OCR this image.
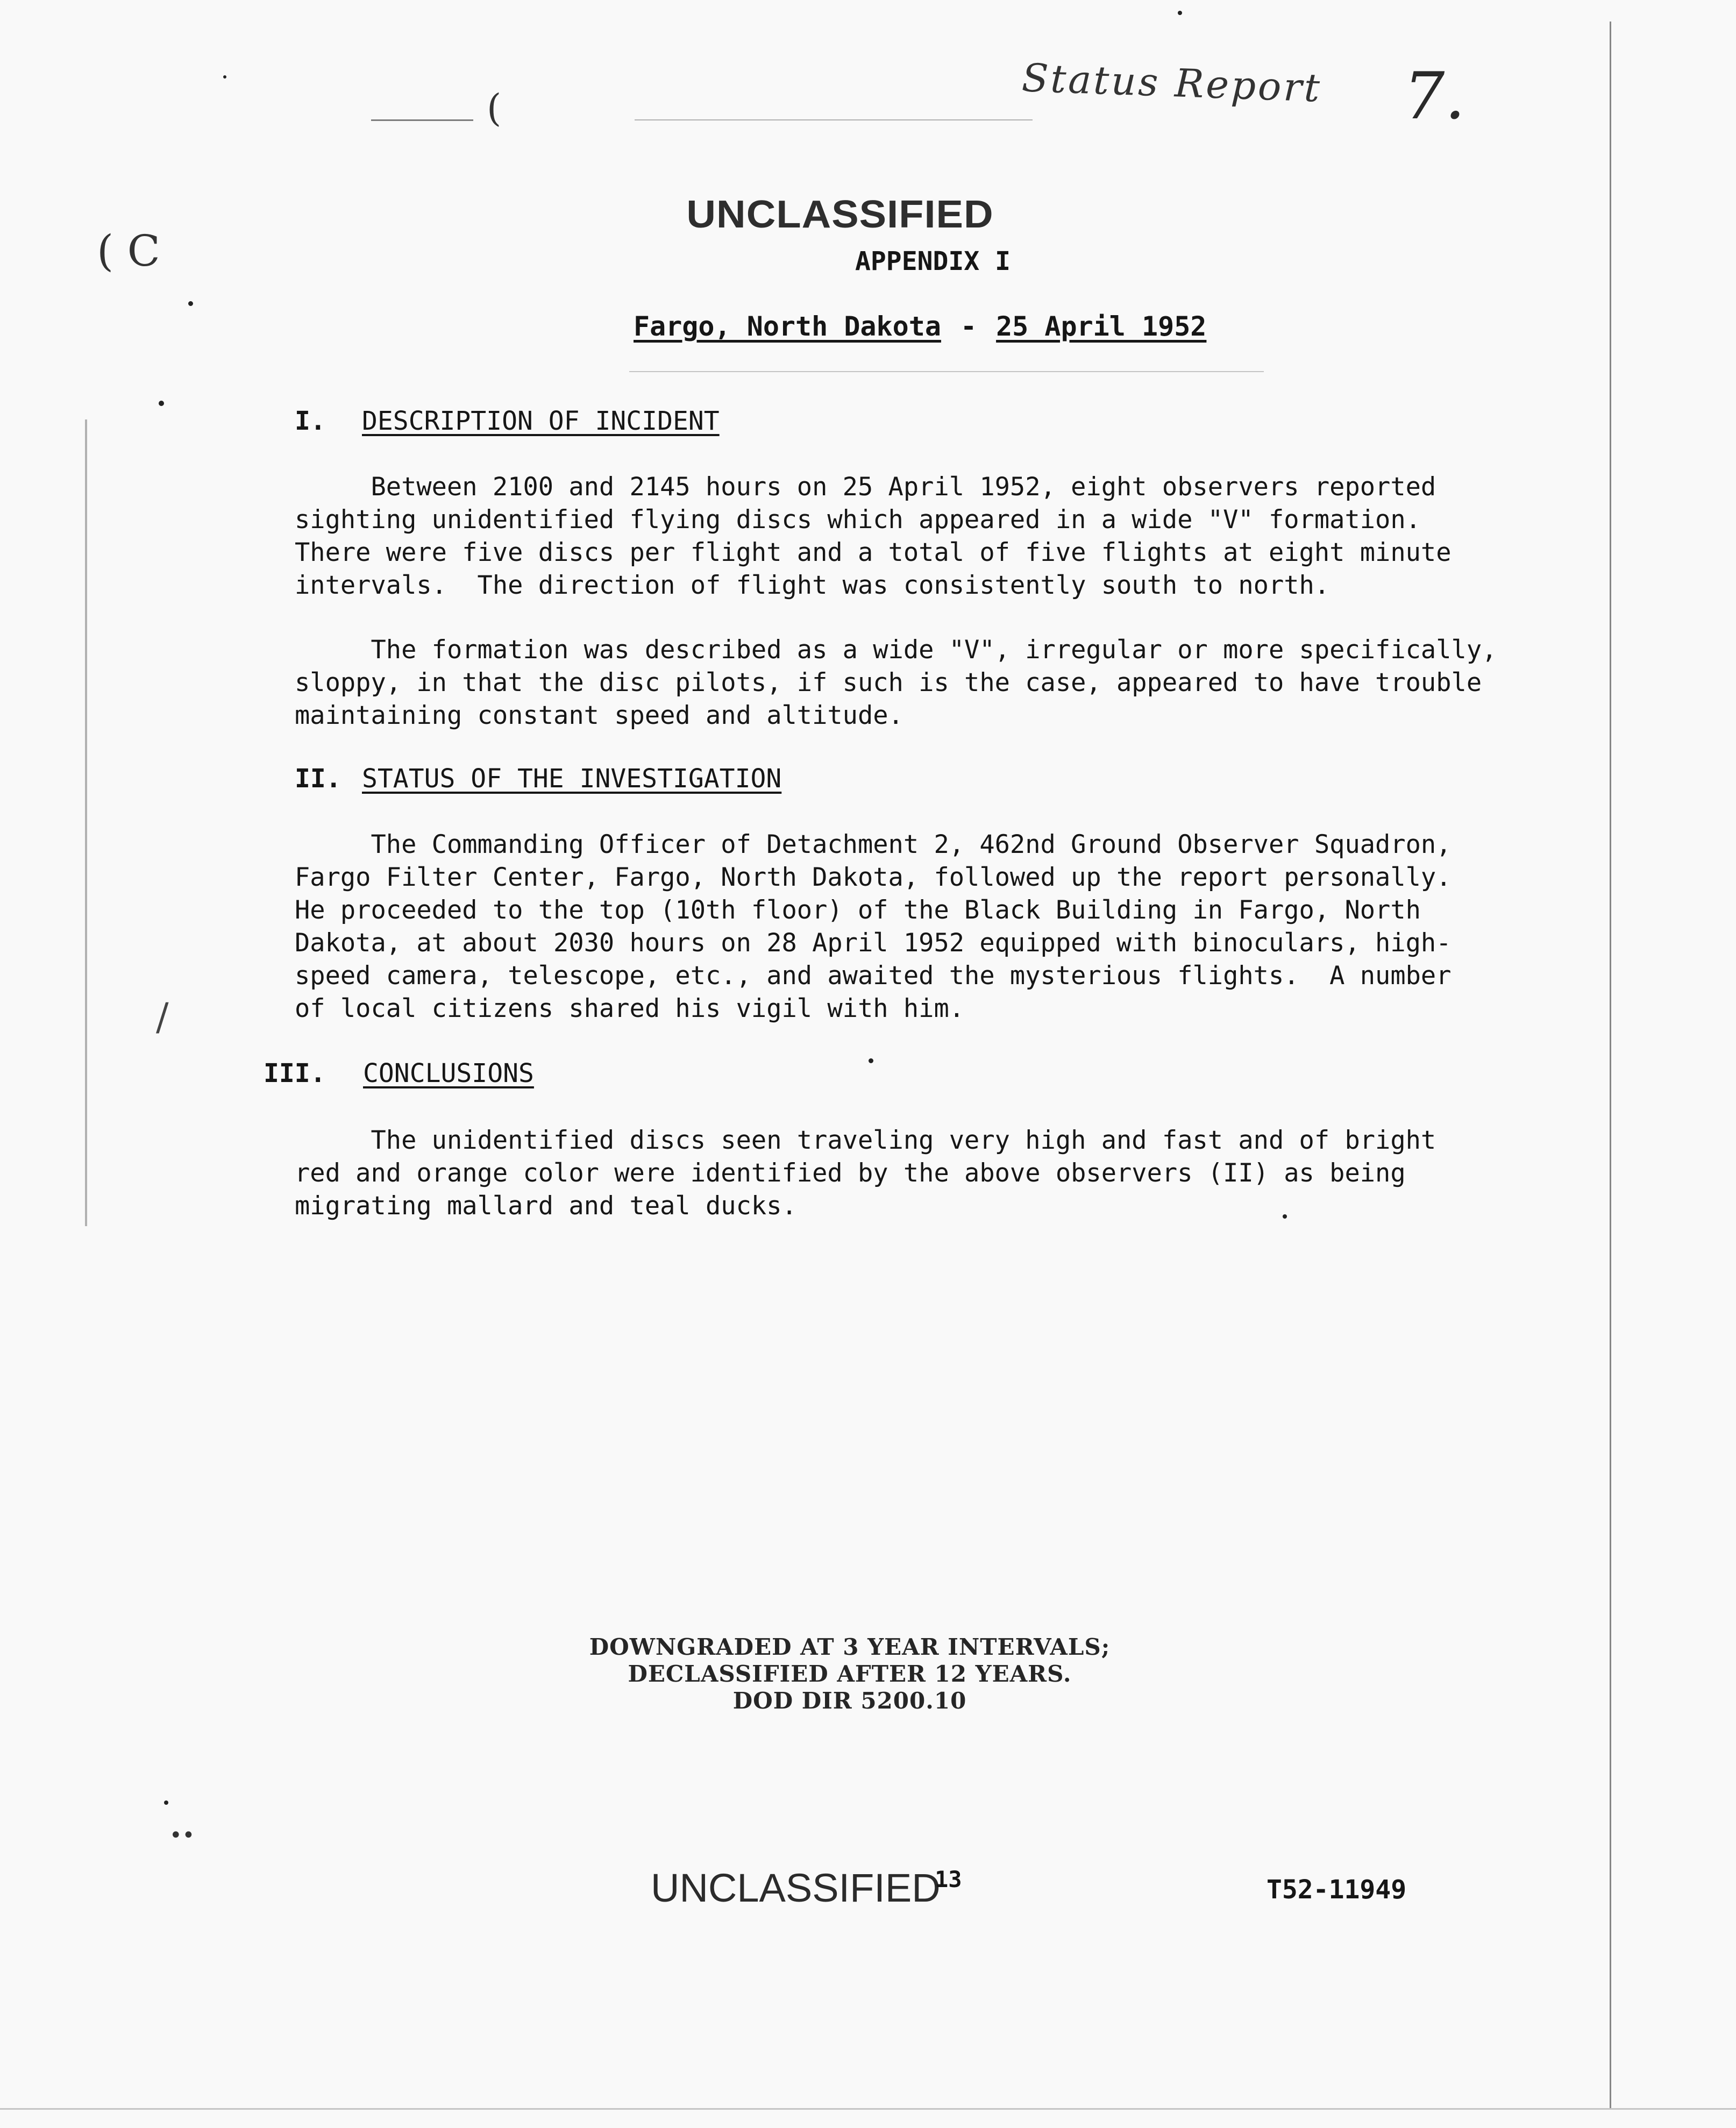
(
( C
/
••
Status Report 7.
UNCLASSIFIED
APPENDIX I
Fargo, North Dakota - 25 April 1952
I. DESCRIPTION OF INCIDENT
Between 2100 and 2145 hours on 25 April 1952, eight observers reported
sighting unidentified flying discs which appeared in a wide "V" formation.
There were five discs per flight and a total of five flights at eight minute
intervals.  The direction of flight was consistently south to north.
The formation was described as a wide "V", irregular or more specifically,
sloppy, in that the disc pilots, if such is the case, appeared to have trouble
maintaining constant speed and altitude.
II. STATUS OF THE INVESTIGATION
The Commanding Officer of Detachment 2, 462nd Ground Observer Squadron,
Fargo Filter Center, Fargo, North Dakota, followed up the report personally.
He proceeded to the top (10th floor) of the Black Building in Fargo, North
Dakota, at about 2030 hours on 28 April 1952 equipped with binoculars, high-
speed camera, telescope, etc., and awaited the mysterious flights.  A number
of local citizens shared his vigil with him.
III. CONCLUSIONS
The unidentified discs seen traveling very high and fast and of bright
red and orange color were identified by the above observers (II) as being
migrating mallard and teal ducks.
DOWNGRADED AT 3 YEAR INTERVALS;
DECLASSIFIED AFTER 12 YEARS.
DOD DIR 5200.10
UNCLASSIFIED
13	T52-11949
